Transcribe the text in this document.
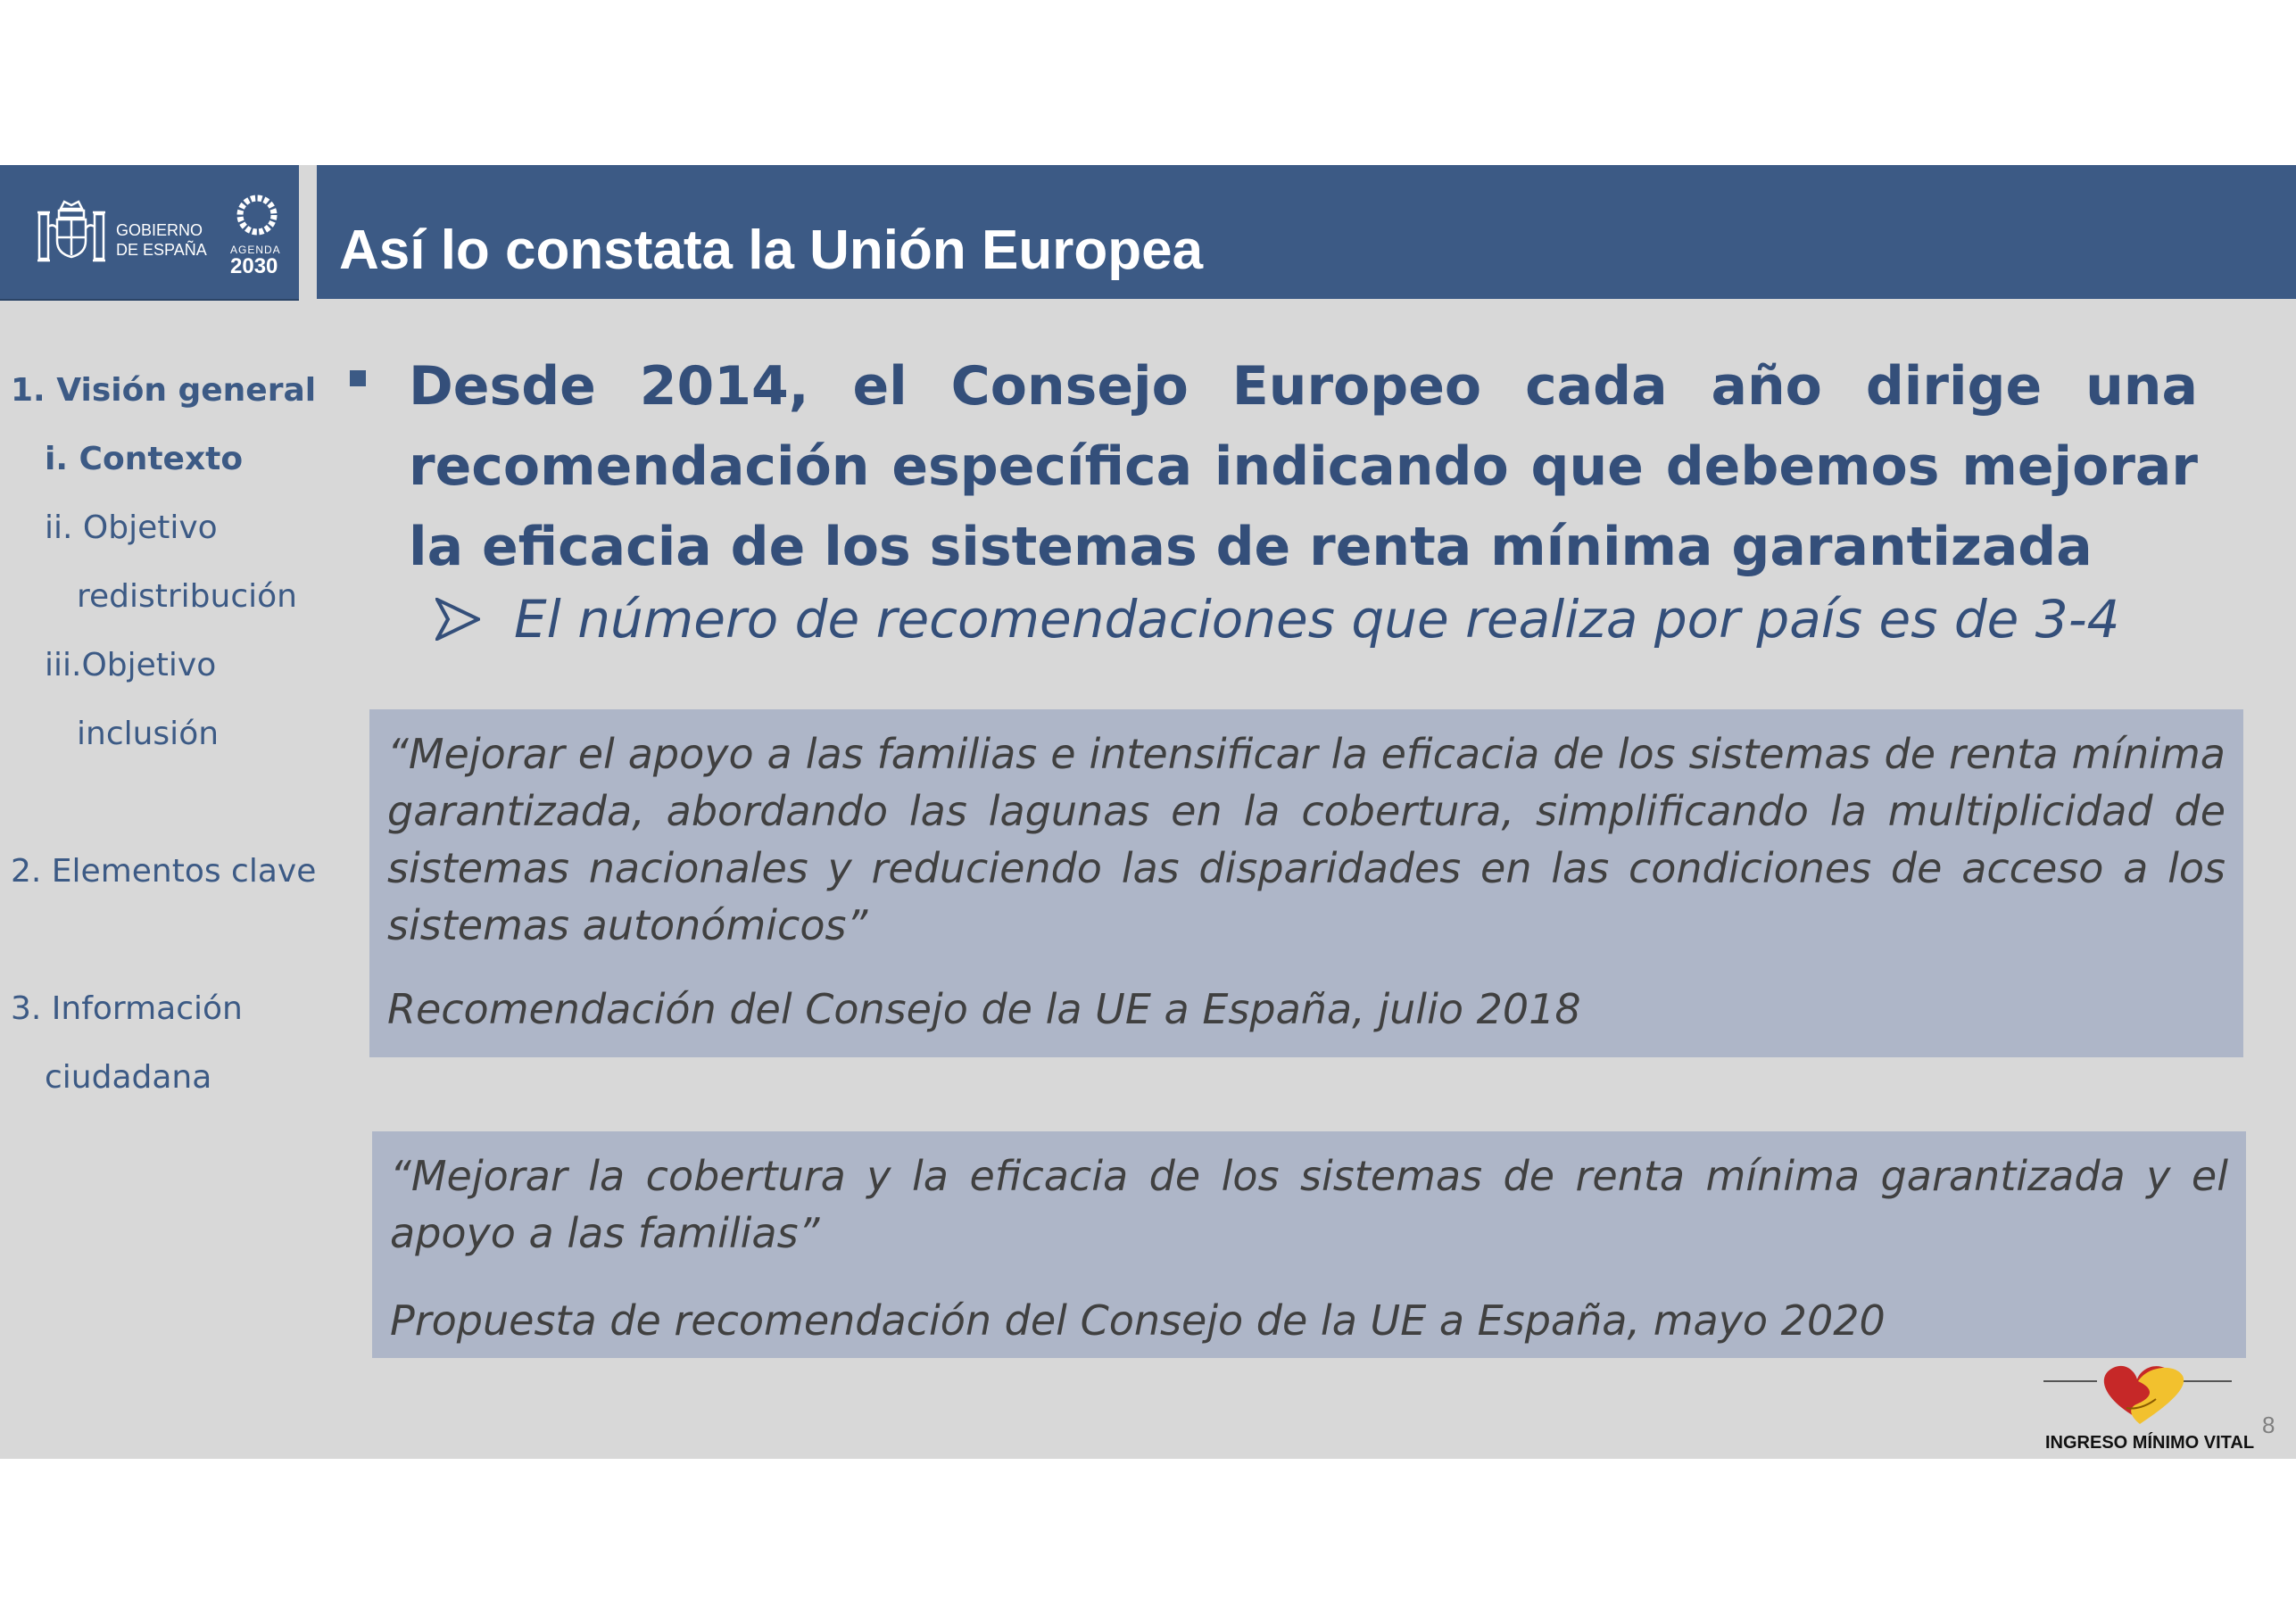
GOBIERNO
DE ESPAÑA AGENDA
2030 Así lo constata la Unión Europea
1. Visión general
i. Contexto
ii. Objetivo
redistribución
iii.Objetivo
inclusión
2. Elementos clave
3. Información
ciudadana
Desde 2014, el Consejo Europeo cada año dirige una recomendación específica indicando que debemos mejorar la eficacia de los sistemas de renta mínima garantizada
El número de recomendaciones que realiza por país es de 3-4
“Mejorar el apoyo a las familias e intensificar la eficacia de los sistemas de renta mínima garantizada, abordando las lagunas en la cobertura, simplificando la multiplicidad de sistemas nacionales y reduciendo las disparidades en las condiciones de acceso a los sistemas autonómicos”
Recomendación del Consejo de la UE a España, julio 2018
“Mejorar la cobertura y la eficacia de los sistemas de renta mínima garantizada y el apoyo a las familias”
Propuesta de recomendación del Consejo de la UE a España, mayo 2020
INGRESO MÍNIMO VITAL
8
